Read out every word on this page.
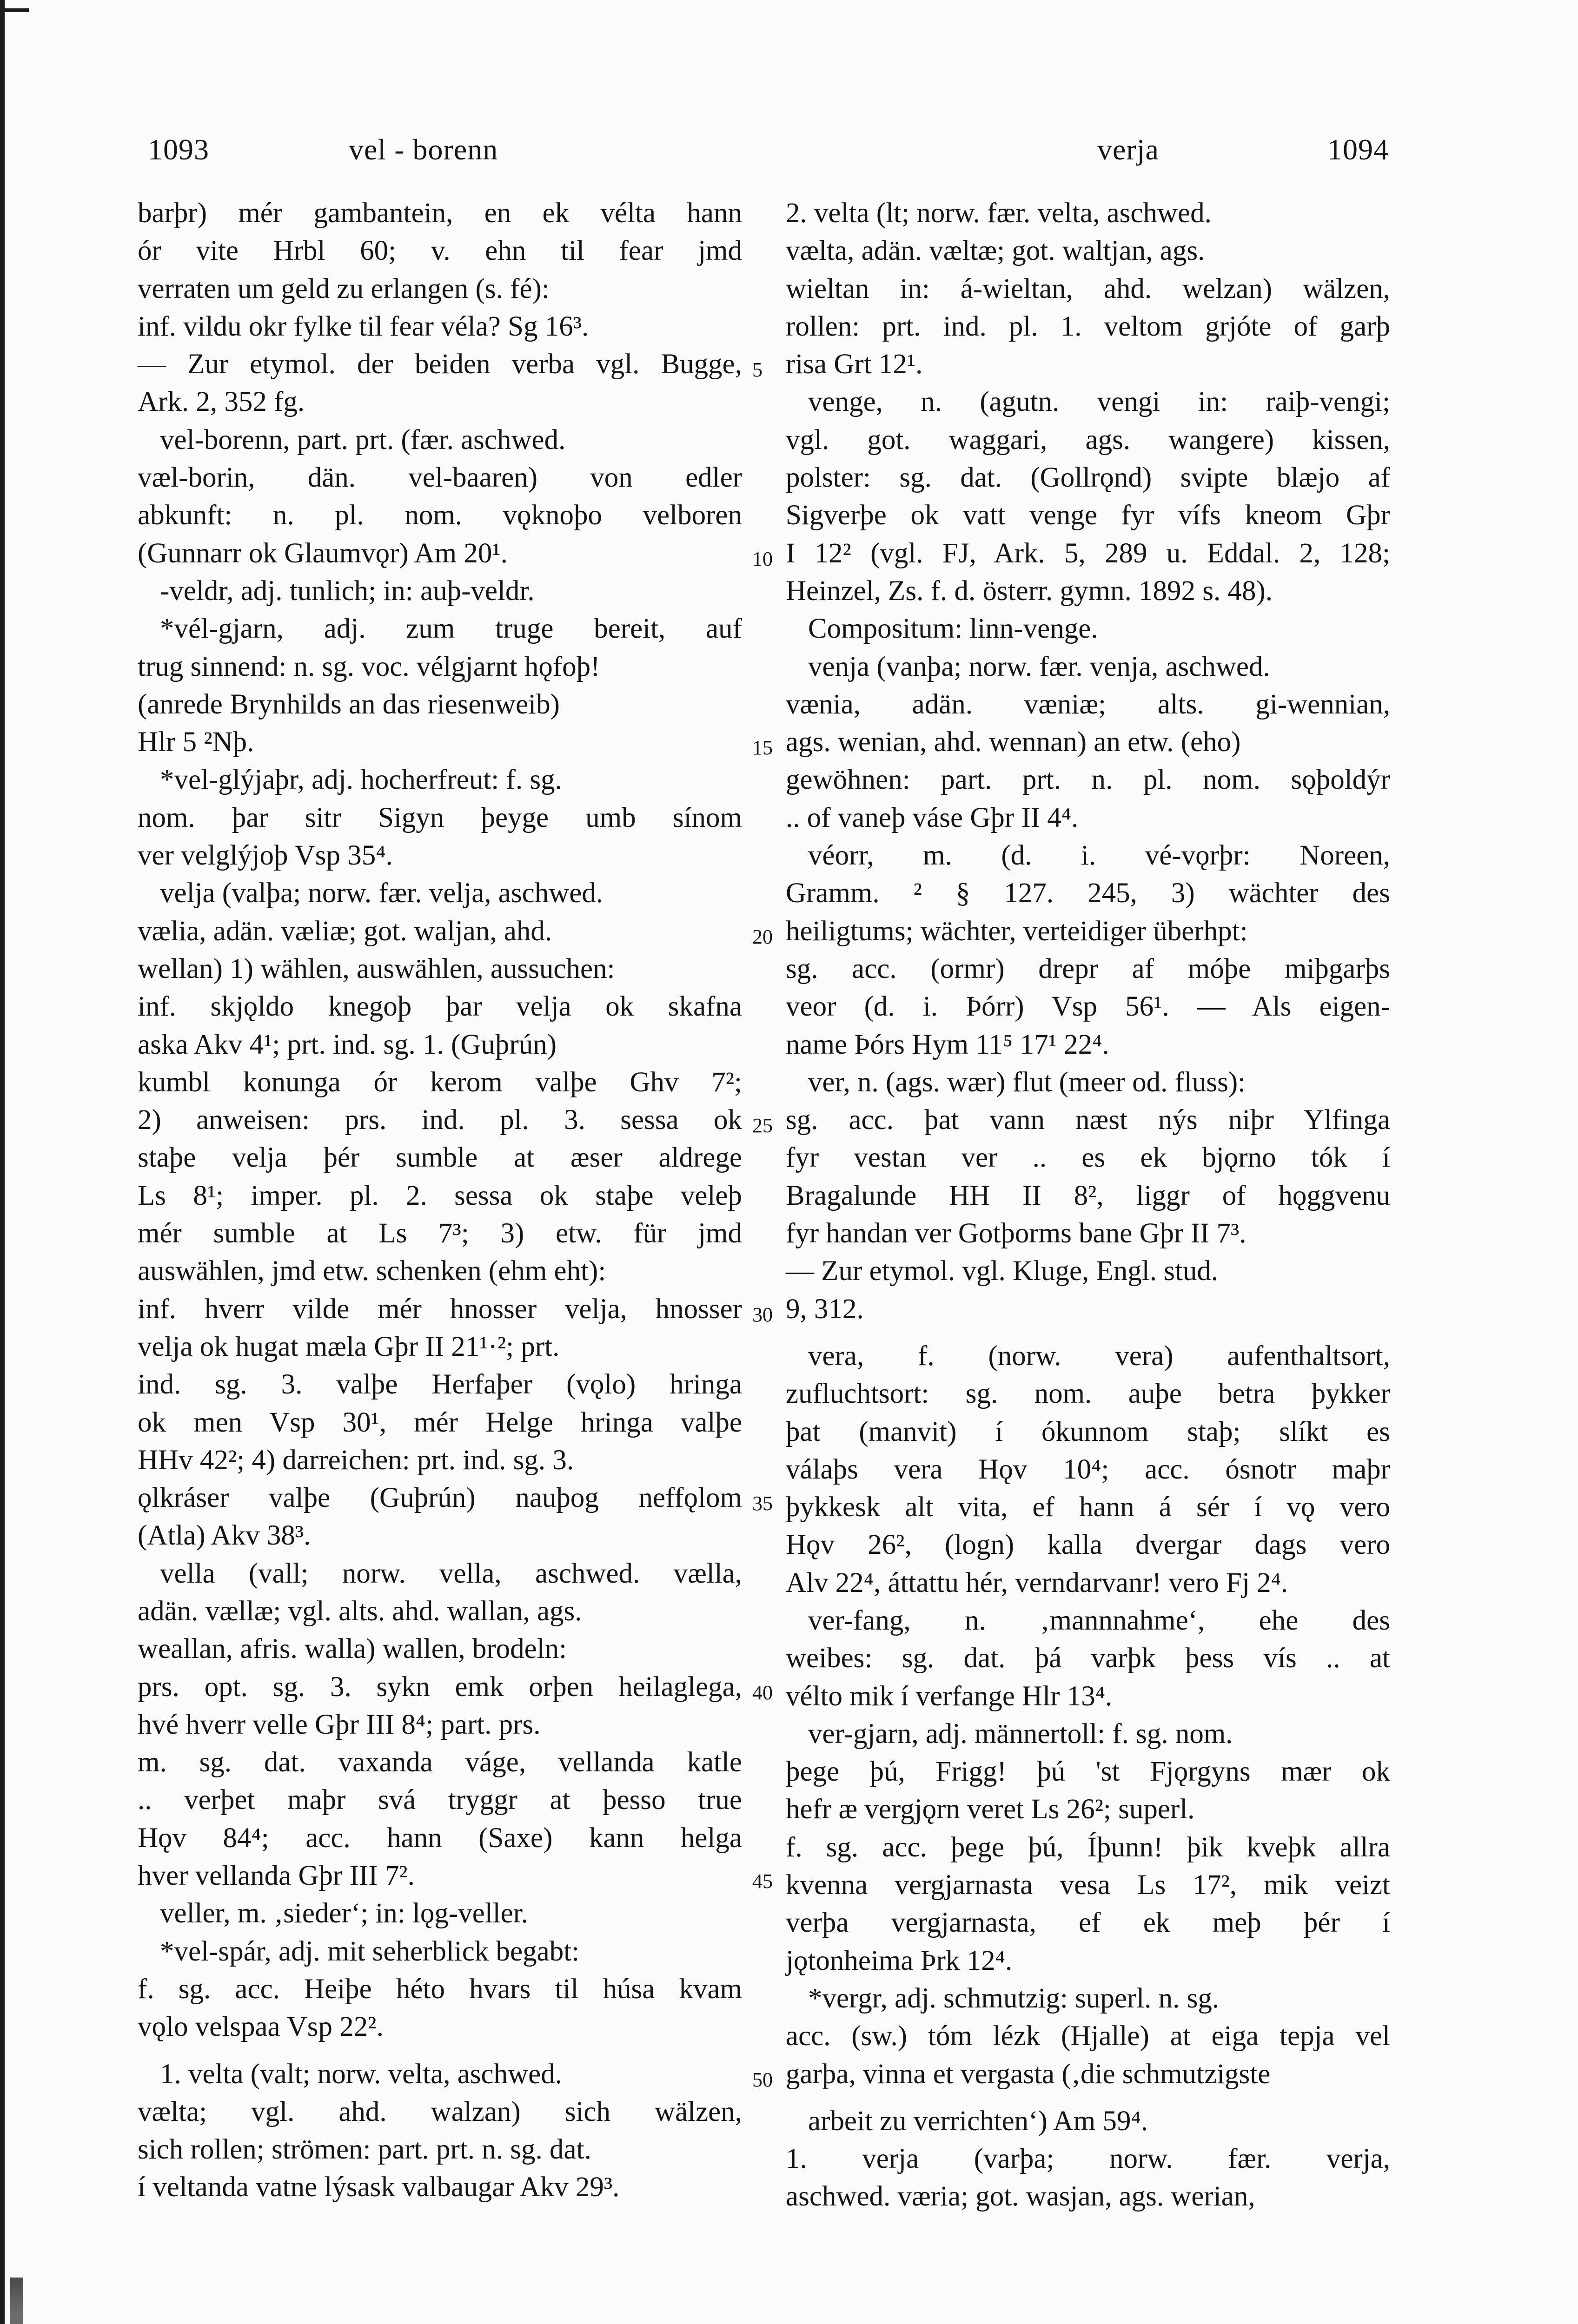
1093	vel - borenn	verja	1094
barþr) mér gambantein, en ek vélta hann
ór vite Hrbl 60; v. ehn til fear jmd
verraten um geld zu erlangen (s. fé):
inf. vildu okr fylke til fear véla? Sg 16³.
— Zur etymol. der beiden verba vgl. Bugge,
Ark. 2, 352 fg.
vel-borenn, part. prt. (fær. aschwed.
væl-borin, dän. vel-baaren) von edler
abkunft: n. pl. nom. vǫknoþo velboren
(Gunnarr ok Glaumvǫr) Am 20¹.
-veldr, adj. tunlich; in: auþ-veldr.
*vél-gjarn, adj. zum truge bereit, auf
trug sinnend: n. sg. voc. vélgjarnt hǫfoþ!
(anrede Brynhilds an das riesenweib)
Hlr 5 ²Nþ.
*vel-glýjaþr, adj. hocherfreut: f. sg.
nom. þar sitr Sigyn þeyge umb sínom
ver velglýjoþ Vsp 35⁴.
velja (valþa; norw. fær. velja, aschwed.
vælia, adän. væliæ; got. waljan, ahd.
wellan) 1) wählen, auswählen, aussuchen:
inf. skjǫldo knegoþ þar velja ok skafna
aska Akv 4¹; prt. ind. sg. 1. (Guþrún)
kumbl konunga ór kerom valþe Ghv 7²;
2) anweisen: prs. ind. pl. 3. sessa ok
staþe velja þér sumble at æser aldrege
Ls 8¹; imper. pl. 2. sessa ok staþe veleþ
mér sumble at Ls 7³; 3) etw. für jmd
auswählen, jmd etw. schenken (ehm eht):
inf. hverr vilde mér hnosser velja, hnosser
velja ok hugat mæla Gþr II 21¹·²; prt.
ind. sg. 3. valþe Herfaþer (vǫlo) hringa
ok men Vsp 30¹, mér Helge hringa valþe
HHv 42²; 4) darreichen: prt. ind. sg. 3.
ǫlkráser valþe (Guþrún) nauþog neffǫlom
(Atla) Akv 38³.
vella (vall; norw. vella, aschwed. vælla,
adän. vællæ; vgl. alts. ahd. wallan, ags.
weallan, afris. walla) wallen, brodeln:
prs. opt. sg. 3. sykn emk orþen heilaglega,
hvé hverr velle Gþr III 8⁴; part. prs.
m. sg. dat. vaxanda váge, vellanda katle
.. verþet maþr svá tryggr at þesso true
Hǫv 84⁴; acc. hann (Saxe) kann helga
hver vellanda Gþr III 7².
veller, m. ‚sieder‘; in: lǫg-veller.
*vel-spár, adj. mit seherblick begabt:
f. sg. acc. Heiþe héto hvars til húsa kvam
vǫlo velspaa Vsp 22².
1. velta (valt; norw. velta, aschwed.
vælta; vgl. ahd. walzan) sich wälzen,
sich rollen; strömen: part. prt. n. sg. dat.
í veltanda vatne lýsask valbaugar Akv 29³.
5
10
15
20
25
30
35
40
45
50
2. velta (lt; norw. fær. velta, aschwed.
vælta, adän. væltæ; got. waltjan, ags.
wieltan in: á-wieltan, ahd. welzan) wälzen,
rollen: prt. ind. pl. 1. veltom grjóte of garþ
risa Grt 12¹.
venge, n. (agutn. vengi in: raiþ-vengi;
vgl. got. waggari, ags. wangere) kissen,
polster: sg. dat. (Gollrǫnd) svipte blæjo af
Sigverþe ok vatt venge fyr vífs kneom Gþr
I 12² (vgl. FJ, Ark. 5, 289 u. Eddal. 2, 128;
Heinzel, Zs. f. d. österr. gymn. 1892 s. 48).
Compositum: linn-venge.
venja (vanþa; norw. fær. venja, aschwed.
vænia, adän. væniæ; alts. gi-wennian,
ags. wenian, ahd. wennan) an etw. (eho)
gewöhnen: part. prt. n. pl. nom. sǫþoldýr
.. of vaneþ váse Gþr II 4⁴.
véorr, m. (d. i. vé-vǫrþr: Noreen,
Gramm. ² § 127. 245, 3) wächter des
heiligtums; wächter, verteidiger überhpt:
sg. acc. (ormr) drepr af móþe miþgarþs
veor (d. i. Þórr) Vsp 56¹. — Als eigen-
name Þórs Hym 11⁵ 17¹ 22⁴.
ver, n. (ags. wær) flut (meer od. fluss):
sg. acc. þat vann næst nýs niþr Ylfinga
fyr vestan ver .. es ek bjǫrno tók í
Bragalunde HH II 8², liggr of hǫggvenu
fyr handan ver Gotþorms bane Gþr II 7³.
— Zur etymol. vgl. Kluge, Engl. stud.
9, 312.
vera, f. (norw. vera) aufenthaltsort,
zufluchtsort: sg. nom. auþe betra þykker
þat (manvit) í ókunnom staþ; slíkt es
válaþs vera Hǫv 10⁴; acc. ósnotr maþr
þykkesk alt vita, ef hann á sér í vǫ vero
Hǫv 26², (logn) kalla dvergar dags vero
Alv 22⁴, áttattu hér, verndarvanr! vero Fj 2⁴.
ver-fang, n. ‚mannnahme‘, ehe des
weibes: sg. dat. þá varþk þess vís .. at
vélto mik í verfange Hlr 13⁴.
ver-gjarn, adj. männertoll: f. sg. nom.
þege þú, Frigg! þú 'st Fjǫrgyns mær ok
hefr æ vergjǫrn veret Ls 26²; superl.
f. sg. acc. þege þú, Íþunn! þik kveþk allra
kvenna vergjarnasta vesa Ls 17², mik veizt
verþa vergjarnasta, ef ek meþ þér í
jǫtonheima Þrk 12⁴.
*vergr, adj. schmutzig: superl. n. sg.
acc. (sw.) tóm lézk (Hjalle) at eiga tepja vel
garþa, vinna et vergasta (‚die schmutzigste
arbeit zu verrichten‘) Am 59⁴.
1. verja (varþa; norw. fær. verja,
aschwed. væria; got. wasjan, ags. werian,
